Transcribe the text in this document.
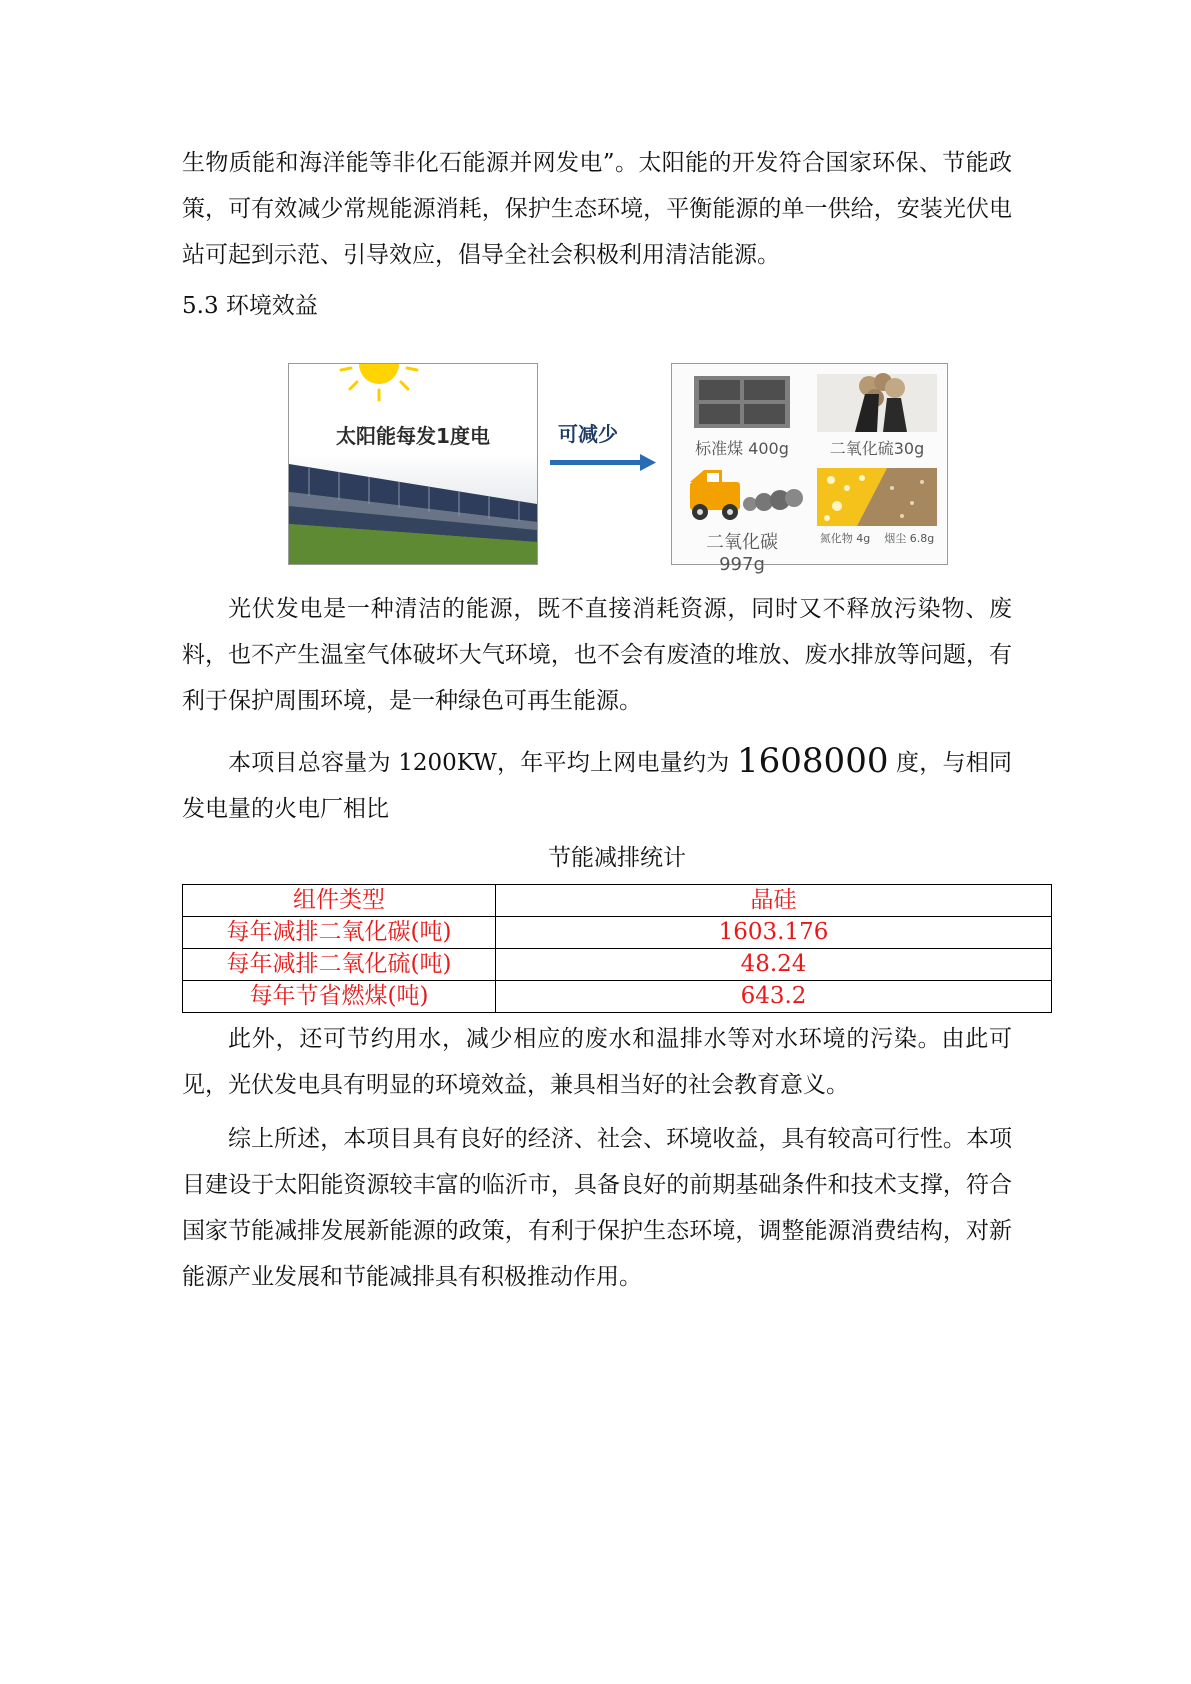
生物质能和海洋能等非化石能源并网发电”。太阳能的开发符合国家环保、节能政策，可有效减少常规能源消耗，保护生态环境，平衡能源的单一供给，安装光伏电站可起到示范、引导效应，倡导全社会积极利用清洁能源。

5.3 环境效益

太阳能每发1度电	可减少
标准煤 400g	二氧化硫30g
二氧化碳 997g
氮化物 4g 烟尘 6.8g

光伏发电是一种清洁的能源，既不直接消耗资源，同时又不释放污染物、废料，也不产生温室气体破坏大气环境，也不会有废渣的堆放、废水排放等问题，有利于保护周围环境，是一种绿色可再生能源。

本项目总容量为 1200KW，年平均上网电量约为 1608000 度，与相同发电量的火电厂相比

节能减排统计

组件类型	晶硅
每年减排二氧化碳(吨)	1603.176
每年减排二氧化硫(吨)	48.24
每年节省燃煤(吨)	643.2

此外，还可节约用水，减少相应的废水和温排水等对水环境的污染。由此可见，光伏发电具有明显的环境效益，兼具相当好的社会教育意义。

综上所述，本项目具有良好的经济、社会、环境收益，具有较高可行性。本项目建设于太阳能资源较丰富的临沂市，具备良好的前期基础条件和技术支撑，符合国家节能减排发展新能源的政策，有利于保护生态环境，调整能源消费结构，对新能源产业发展和节能减排具有积极推动作用。
